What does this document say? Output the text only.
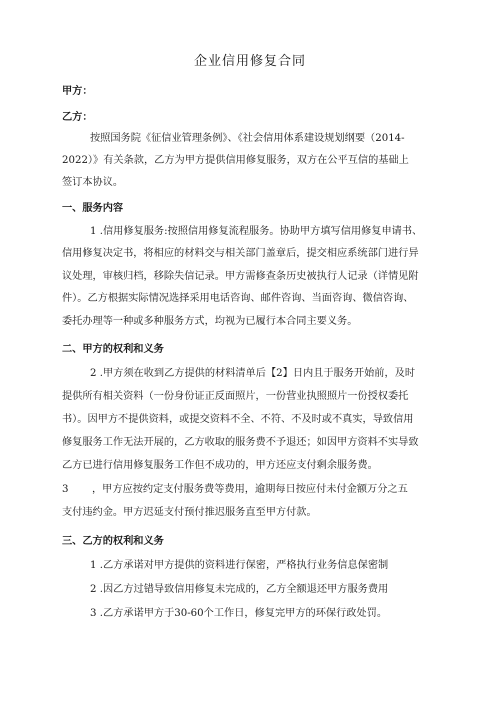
企业信用修复合同

甲方：

乙方：

按照国务院《征信业管理条例》、《社会信用体系建设规划纲要（2014-

2022）》有关条款，乙方为甲方提供信用修复服务，双方在公平互信的基础上

签订本协议。

一、服务内容

1 .信用修复服务:按照信用修复流程服务。协助甲方填写信用修复申请书、

信用修复决定书，将相应的材料交与相关部门盖章后，提交相应系统部门进行异

议处理，审核归档，移除失信记录。甲方需修查条历史被执行人记录（详情见附

件）。乙方根据实际情况选择采用电话咨询、邮件咨询、当面咨询、微信咨询、

委托办理等一种或多种服务方式，均视为已履行本合同主要义务。

二、甲方的权利和义务

2 .甲方须在收到乙方提供的材料清单后【2】日内且于服务开始前，及时

提供所有相关资料（一份身份证正反面照片，一份营业执照照片一份授权委托

书）。因甲方不提供资料，或提交资料不全、不符、不及时或不真实，导致信用

修复服务工作无法开展的，乙方收取的服务费不予退还；如因甲方资料不实导致

乙方已进行信用修复服务工作但不成功的，甲方还应支付剩余服务费。

3	，甲方应按约定支付服务费等费用，逾期每日按应付未付金额万分之五

支付违约金。甲方迟延支付预付推迟服务直至甲方付款。

三、乙方的权利和义务

1 .乙方承诺对甲方提供的资料进行保密，严格执行业务信息保密制

2 .因乙方过错导致信用修复未完成的，乙方全额退还甲方服务费用

3 .乙方承诺甲方于30-60个工作日，修复完甲方的环保行政处罚。
